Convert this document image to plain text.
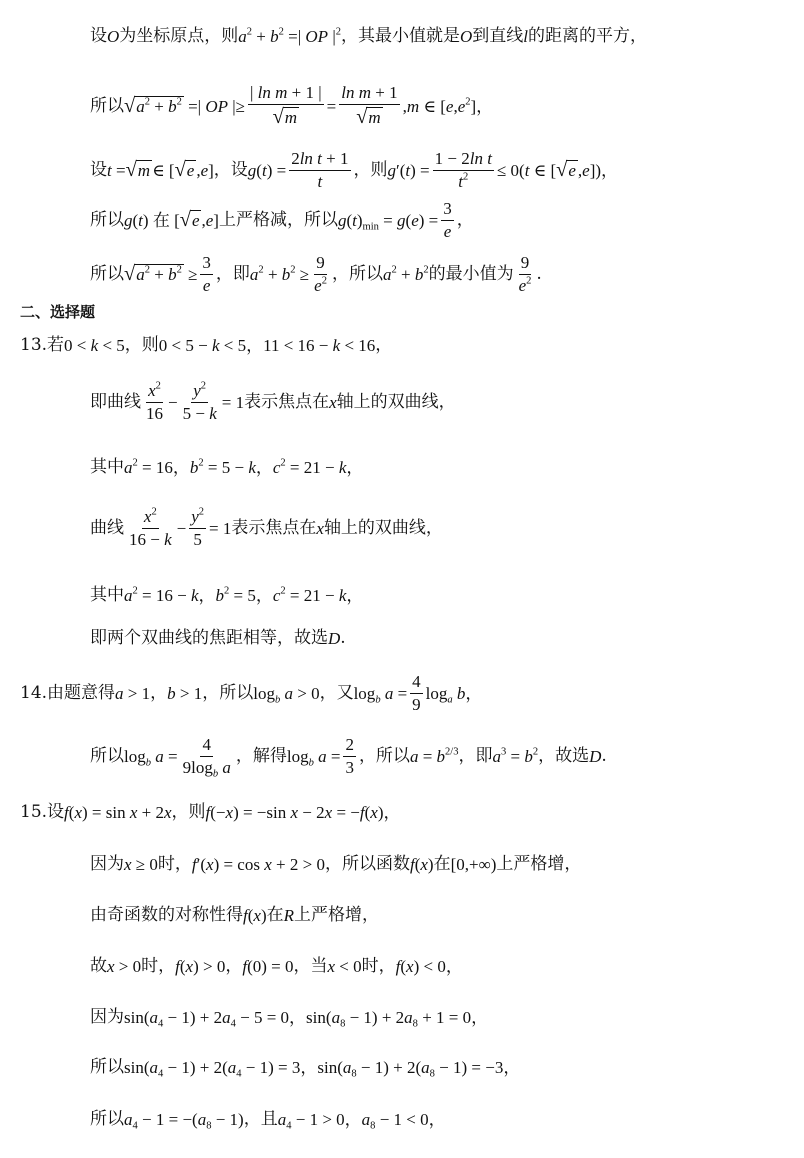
设 O 为坐标原点，则 $a^2 + b^2$ =| OP $|^2$ ，其最小值就是 O 到直线 l 的距离的平方，
所以 √ $a^2 + b^2$ =| OP |≥ $\frac{\text{| ln m + 1 |}}{√ m} = \frac{\text{ln m + 1}}{√ m} ,m$ ∈ $[e,e^2]$，
设 t = √ m ∈ [ √ e ,e] ，设 $g(t) = \frac{\text{2ln t + 1}}{t}$ ，则 $g'(t) = \frac{\text{1 − 2ln t}}{t^2} \le 0(t$ ∈ [ √ e ,e])，
所以 g(t) 在 [ √ e ,e] 上严格减，所以 $g(t)_{min} = g(e) = \frac{3}{e}$ ，
所以 √ $a^2 + b^2 \ge \frac{3}{e}$ ，即 $a^2 + b^2 \ge \frac{9}{e^2}$ ，所以 $a^2 + b^2$ 的最小值为 $\frac{9}{e^2}$ .
二、选择题
13.若 0 < k < 5 ，则 0 < 5 − k < 5，11 < 16 − k < 16 ，
即曲线 $\frac{x^2}{16} - \frac{y^2}{5 - k} = 1$ 表示焦点在 x 轴上的双曲线，
其中 $a^2 = 16$，$b^2 = 5 - k$，$c^2 = 21 - k$，
曲线 $\frac{x^2}{16 - k} - \frac{y^2}{5} = 1$ 表示焦点在 x 轴上的双曲线，
其中 $a^2 = 16 - k$，$b^2 = 5$，$c^2 = 21 - k$，
即两个双曲线的焦距相等，故选 D .
14.由题意得 a > 1 ， b > 1 ，所以 $\log_b a > 0$ ，又 $\log_b a = \frac{4}{9} \log_a b$，
所以 $\log_b a = \frac{4}{9\log_b a}$ ，解得 $\log_b a = \frac{2}{3}$ ，所以 $a = b^{2/3}$ ，即 $a^3 = b^2$ ，故选 D .
15.设 f(x) = sin x + 2x ，则 f(−x) = −sin x − 2x = −f(x)，
因为 x ≥ 0 时， f′(x) = cos x + 2 > 0 ，所以函数 f(x) 在 [0,+∞) 上严格增，
由奇函数的对称性得 f(x) 在 R 上严格增，
故 x > 0 时， f(x) > 0 ， f(0) = 0 ，当 x < 0 时， f(x) < 0，
因为 $\sin(a_4 - 1) + 2a_4 - 5 = 0$，$\sin(a_8 - 1) + 2a_8 + 1 = 0$，
所以 $\sin(a_4 - 1) + 2(a_4 - 1) = 3$，$\sin(a_8 - 1) + 2(a_8 - 1) = -3$，
所以 $a_4 - 1 = -(a_8 - 1)$ ，且 $a_4 - 1 > 0$，$a_8 - 1 < 0$，
